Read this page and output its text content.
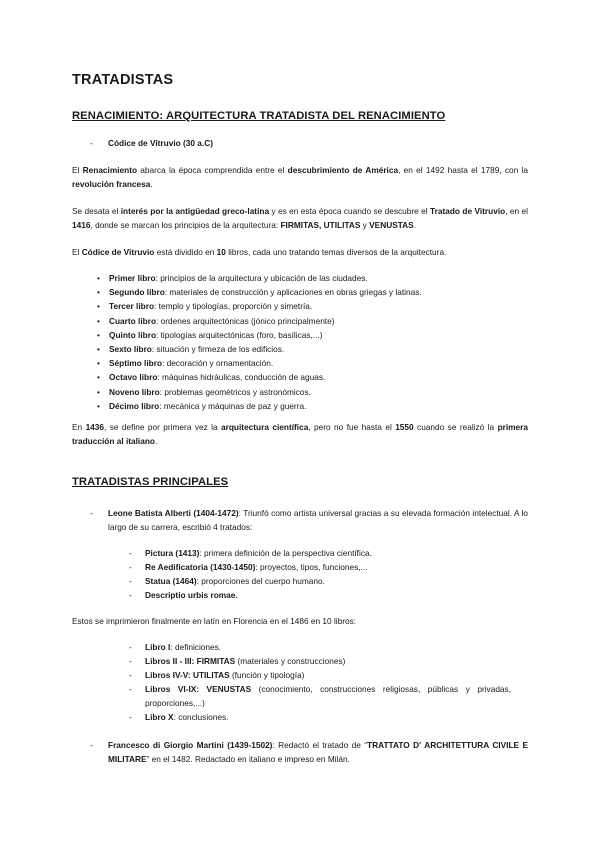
TRATADISTAS
RENACIMIENTO: ARQUITECTURA TRATADISTA DEL RENACIMIENTO
- Códice de Vitruvio (30 a.C)
El Renacimiento abarca la época comprendida entre el descubrimiento de América, en el 1492 hasta el 1789, con la revolución francesa.
Se desata el interés por la antigüedad greco-latina y es en esta época cuando se descubre el Tratado de Vitruvio, en el 1416, donde se marcan los principios de la arquitectura: FIRMITAS, UTILITAS y VENUSTAS.
El Códice de Vitruvio está dividido en 10 libros, cada uno tratando temas diversos de la arquitectura.
• Primer libro: principios de la arquitectura y ubicación de las ciudades.
• Segundo libro: materiales de construcción y aplicaciones en obras griegas y latinas.
• Tercer libro: templo y tipologías, proporción y simetría.
• Cuarto libro: ordenes arquitectónicas (jónico principalmente)
• Quinto libro: tipologías arquitectónicas (foro, basílicas,...)
• Sexto libro: situación y firmeza de los edificios.
• Séptimo libro: decoración y ornamentación.
• Octavo libro: máquinas hidráulicas, conducción de aguas.
• Noveno libro: problemas geométricos y astronómicos.
• Décimo libro: mecánica y máquinas de paz y guerra.
En 1436, se define por primera vez la arquitectura científica, pero no fue hasta el 1550 cuando se realizó la primera traducción al italiano.
TRATADISTAS PRINCIPALES
- Leone Batista Alberti (1404-1472): Triunfó como artista universal gracias a su elevada formación intelectual. A lo largo de su carrera, escribió 4 tratados:
- Pictura (1413): primera definición de la perspectiva científica.
- Re Aedificatoria (1430-1450): proyectos, tipos, funciones,...
- Statua (1464): proporciones del cuerpo humano.
- Descriptio urbis romae.
Estos se imprimieron finalmente en latín en Florencia en el 1486 en 10 libros:
- Libro I: definiciones.
- Libros II - III: FIRMITAS (materiales y construcciones)
- Libros IV-V: UTILITAS (función y tipología)
- Libros VI-IX: VENUSTAS (conocimiento, construcciones religiosas, públicas y privadas, proporciones,...)
- Libro X: conclusiones.
- Francesco di Giorgio Martini (1439-1502): Redactó el tratado de “TRATTATO D' ARCHITETTURA CIVILE E MILITARE” en el 1482. Redactado en italiano e impreso en Milán.
